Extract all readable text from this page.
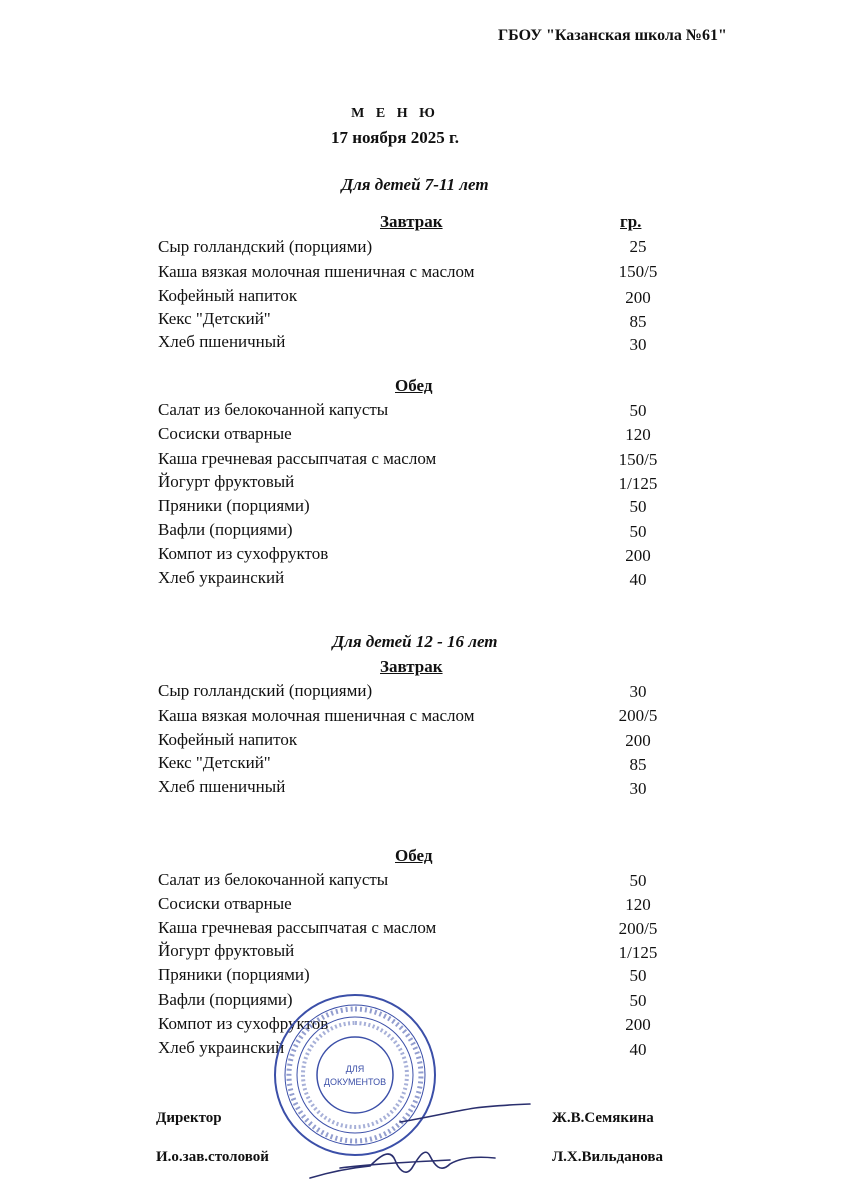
ГБОУ "Казанская школа №61"
М Е Н Ю
17 ноября 2025 г.
Для детей 7-11 лет
Завтрак	гр.
Сыр голландский (порциями)	25
Каша вязкая молочная пшеничная с маслом	150/5
Кофейный напиток	200
Кекс "Детский"	85
Хлеб пшеничный	30
Обед
Салат из белокочанной капусты	50
Сосиски отварные	120
Каша гречневая рассыпчатая с маслом	150/5
Йогурт фруктовый	1/125
Пряники (порциями)	50
Вафли (порциями)	50
Компот из сухофруктов	200
Хлеб украинский	40
Для детей 12 - 16 лет
Завтрак
Сыр голландский (порциями)	30
Каша вязкая молочная пшеничная с маслом	200/5
Кофейный напиток	200
Кекс "Детский"	85
Хлеб пшеничный	30
Обед
Салат из белокочанной капусты	50
Сосиски отварные	120
Каша гречневая рассыпчатая с маслом	200/5
Йогурт фруктовый	1/125
Пряники (порциями)	50
Вафли (порциями)	50
Компот из сухофруктов	200
Хлеб украинский	40
ДЛЯ
ДОКУМЕНТОВ
Директор	Ж.В.Семякина
И.о.зав.столовой	Л.Х.Вильданова
